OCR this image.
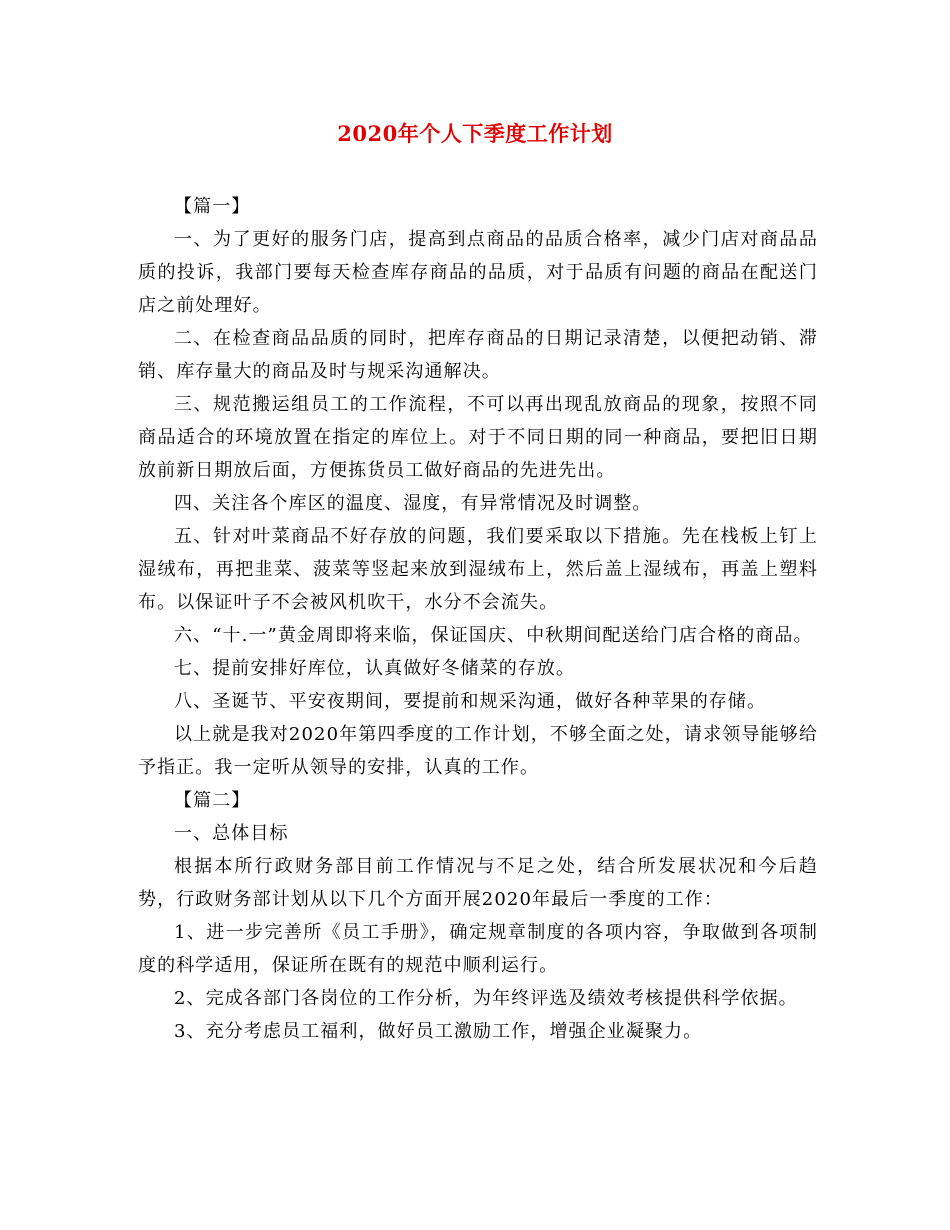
2020年个人下季度工作计划

【篇一】

一、为了更好的服务门店，提高到点商品的品质合格率，减少门店对商品品质的投诉，我部门要每天检查库存商品的品质，对于品质有问题的商品在配送门店之前处理好。

二、在检查商品品质的同时，把库存商品的日期记录清楚，以便把动销、滞销、库存量大的商品及时与规采沟通解决。

三、规范搬运组员工的工作流程，不可以再出现乱放商品的现象，按照不同商品适合的环境放置在指定的库位上。对于不同日期的同一种商品，要把旧日期放前新日期放后面，方便拣货员工做好商品的先进先出。

四、关注各个库区的温度、湿度，有异常情况及时调整。

五、针对叶菜商品不好存放的问题，我们要采取以下措施。先在栈板上钉上湿绒布，再把韭菜、菠菜等竖起来放到湿绒布上，然后盖上湿绒布，再盖上塑料布。以保证叶子不会被风机吹干，水分不会流失。

六、“十.一”黄金周即将来临，保证国庆、中秋期间配送给门店合格的商品。

七、提前安排好库位，认真做好冬储菜的存放。

八、圣诞节、平安夜期间，要提前和规采沟通，做好各种苹果的存储。

以上就是我对2020年第四季度的工作计划，不够全面之处，请求领导能够给予指正。我一定听从领导的安排，认真的工作。

【篇二】

一、总体目标

根据本所行政财务部目前工作情况与不足之处，结合所发展状况和今后趋势，行政财务部计划从以下几个方面开展2020年最后一季度的工作：

1、进一步完善所《员工手册》，确定规章制度的各项内容，争取做到各项制度的科学适用，保证所在既有的规范中顺利运行。

2、完成各部门各岗位的工作分析，为年终评选及绩效考核提供科学依据。

3、充分考虑员工福利，做好员工激励工作，增强企业凝聚力。
